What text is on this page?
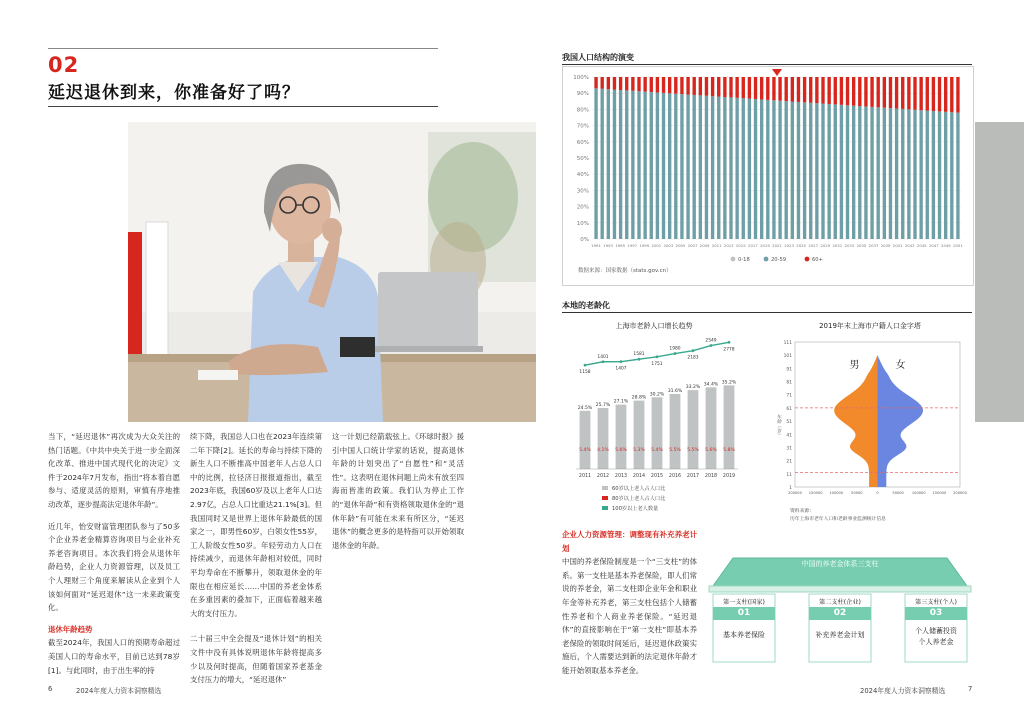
02
延迟退休到来，你准备好了吗？

当下，“延迟退休”再次成为大众关注的热门话题。《中共中央关于进一步全面深化改革、推进中国式现代化的决定》文件于2024年7月发布，指出“将本着自愿参与、适度灵活的原则，审慎有序地推动改革，逐步提高法定退休年龄”。

近几年，怡安财富管理团队参与了50多个企业养老金精算咨询项目与企业补充养老咨询项目。本次我们将会从退休年龄趋势，企业人力资源管理，以及员工个人理财三个角度来解读从企业到个人该如何面对“延迟退休”这一未来政策变化。

退休年龄趋势
截至2024年，我国人口的预期寿命超过美国人口的寿命水平，目前已达到78岁[1]。与此同时，由于出生率的持

续下降，我国总人口也在2023年连续第二年下降[2]。延长的寿命与持续下降的新生人口不断推高中国老年人占总人口中的比例，拉径济日报报道指出，截至2023年底，我国60岁及以上老年人口达2.97亿，占总人口比重达21.1%[3]。但我国同时又是世界上退休年龄最低的国家之一，即男性60岁，白领女性55岁，工人阶级女性50岁。年轻劳动力人口在持续减少，而退休年龄相对较低，同时平均寿命在不断攀升，领取退休金的年限也在相应延长……中国的养老金体系在多重因素的叠加下，正面临着越来越大的支付压力。

二十届三中全会提及“退休计划”的相关文件中没有具体说明退休年龄将提高多少以及何时提高，但随着国家养老基金支付压力的增大，“延迟退休”

这一计划已经箭载弦上。《环球时报》援引中国人口统计学家的话说，提高退休年龄的计划突出了“自愿性”和“灵活性”。这表明在退休问题上尚未有放至四海而皆准的政策。我们认为停止工作的“退休年龄”和有资格领取退休金的“退休年龄”有可能在未来有所区分，“延迟退休”的概念更多的是特指可以开始领取退休金的年龄。

企业人力资源管理：调整现有补充养老计划
中国的养老保险制度是一个“三支柱”的体系。第一支柱是基本养老保险，即人们常说的养老金，第二支柱即企业年金和职业年金等补充养老，第三支柱包括个人储蓄性养老和个人商业养老保险。“延迟退休”的直接影响在于“第一支柱”即基本养老保险的领取时间延后，延迟退休政策实施后，个人需要达到新的法定退休年龄才能开始领取基本养老金。
我国人口结构的演变
0%
10%
20%
30%
40%
50%
60%
70%
80%
90%
100%
1991 1993 1995 1997 1999 2001 2003 2005 2007 2009 2011 2013 2015 2017 2019 2021 2023 2025 2027 2029 2031 2033 2035 2037 2039 2041 2043 2045 2047 2049 2051
0-18	20-59	60+
数据来源：国家数据（stats.gov.cn）
本地的老龄化
上海市老龄人口增长趋势
24.5%
5.4%
2011
25.7%
4.1%
2012
27.1%
5.6%
2013
28.8%
5.3%
2014
30.2%
5.4%
2015
31.6%
5.5%
2016
33.2%
5.5%
2017
34.4%
5.6%
2018
35.2%
5.8%
2019
1158
1401
1407
1581
1751
1980
2183
2549
2778
60岁以上老人占人口比
80岁以上老人占人口比
100岁以上老人数量
2019年末上海市户籍人口金字塔
1
11
21
31
41
51
61
71
81
91
101
111
年龄（岁）
200000 150000 100000 50000	0	50000 100000 150000 200000
男	女
资料来源：
历年上海市老年人口和老龄事业监测统计信息
中国的养老金体系三支柱
第一支柱(国家)
01
基本养老保险
第二支柱(企业)
02
补充养老金计划
第三支柱(个人)
03
个人储蓄投资
个人养老金
6	2024年度人力资本洞察精选	2024年度人力资本洞察精选	7
